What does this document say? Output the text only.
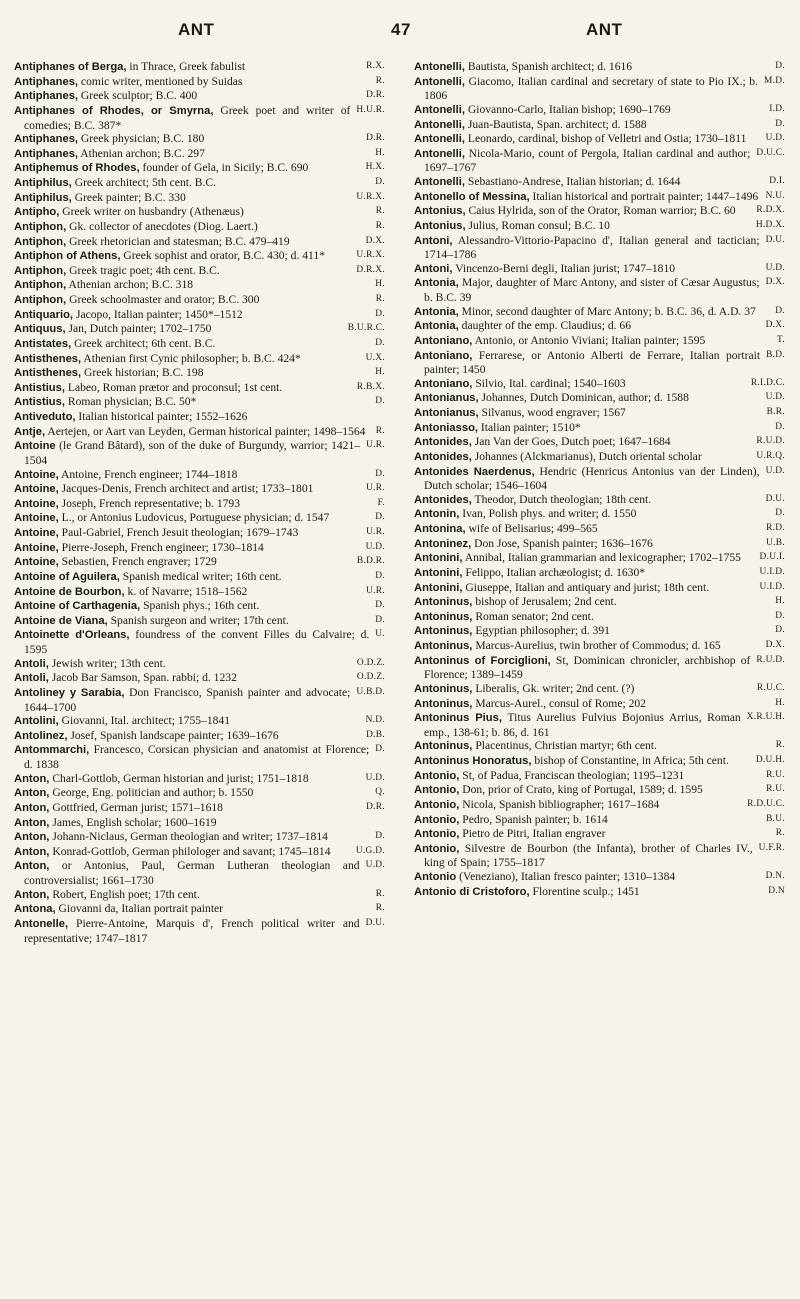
ANT	47	ANT

Antiphanes of Berga,	R.X.
in Thrace, Greek fabulist

Antiphanes,	R.
comic writer, mentioned by Suidas

Antiphanes,	D.R.
Greek sculptor; B.C. 400

Antiphanes of Rhodes, or Smyrna,	H.U.R.
Greek poet and writer of comedies; B.C. 387*

Antiphanes,	D.R.
Greek physician; B.C. 180

Antiphanes,	H.
Athenian archon; B.C. 297

Antiphemus of Rhodes,	H.X.
founder of Gela, in Sicily; B.C. 690

Antiphilus,	D.
Greek architect; 5th cent. B.C.

Antiphilus,	U.R.X.
Greek painter; B.C. 330

Antipho,	R.
Greek writer on husbandry (Athenæus)

Antiphon,	R.
Gk. collector of anecdotes (Diog. Laert.)

Antiphon,	D.X.
Greek rhetorician and statesman; B.C. 479–419

Antiphon of Athens,	U.R.X.
Greek sophist and orator, B.C. 430; d. 411*

Antiphon,	D.R.X.
Greek tragic poet; 4th cent. B.C.

Antiphon,	H.
Athenian archon; B.C. 318

Antiphon,	R.
Greek schoolmaster and orator; B.C. 300

Antiquario,	D.
Jacopo, Italian painter; 1450*–1512

Antiquus,	B.U.R.C.
Jan, Dutch painter; 1702–1750

Antistates,	D.
Greek architect; 6th cent. B.C.

Antisthenes,	U.X.
Athenian first Cynic philosopher; b. B.C. 424*

Antisthenes,	H.
Greek historian; B.C. 198

Antistius,	R.B.X.
Labeo, Roman prætor and proconsul; 1st cent.

Antistius,	D.
Roman physician; B.C. 50*

Antiveduto,
Italian historical painter; 1552–1626

Antje,	R.
Aertejen, or Aart van Leyden, German historical painter; 1498–1564

Antoine	U.R.
(le Grand Bâtard), son of the duke of Burgundy, warrior; 1421–1504

Antoine,	D.
Antoine, French engineer; 1744–1818

Antoine,	U.R.
Jacques-Denis, French architect and artist; 1733–1801

Antoine,	F.
Joseph, French representative; b. 1793

Antoine,	D.
L., or Antonius Ludovicus, Portuguese physician; d. 1547

Antoine,	U.R.
Paul-Gabriel, French Jesuit theologian; 1679–1743

Antoine,	U.D.
Pierre-Joseph, French engineer; 1730–1814

Antoine,	B.D.R.
Sebastien, French engraver; 1729

Antoine of Aguilera,	D.
Spanish medical writer; 16th cent.

Antoine de Bourbon,	U.R.
k. of Navarre; 1518–1562

Antoine of Carthagenia,	D.
Spanish phys.; 16th cent.

Antoine de Viana,	D.
Spanish surgeon and writer; 17th cent.

Antoinette d'Orleans,	U.
foundress of the convent Filles du Calvaire; d. 1595

Antoli,	O.D.Z.
Jewish writer; 13th cent.

Antoli,	O.D.Z.
Jacob Bar Samson, Span. rabbi; d. 1232

Antoliney y Sarabia,	U.B.D.
Don Francisco, Spanish painter and advocate; 1644–1700

Antolini,	N.D.
Giovanni, Ital. architect; 1755–1841

Antolinez,	D.B.
Josef, Spanish landscape painter; 1639–1676

Antommarchi,	D.
Francesco, Corsican physician and anatomist at Florence; d. 1838

Anton,	U.D.
Charl-Gottlob, German historian and jurist; 1751–1818

Anton,	Q.
George, Eng. politician and author; b. 1550

Anton,	D.R.
Gottfried, German jurist; 1571–1618

Anton,
James, English scholar; 1600–1619

Anton,	D.
Johann-Niclaus, German theologian and writer; 1737–1814

Anton,	U.G.D.
Konrad-Gottlob, German philologer and savant; 1745–1814

Anton,	U.D.
or Antonius, Paul, German Lutheran theologian and controversialist; 1661–1730

Anton,	R.
Robert, English poet; 17th cent.

Antona,	R.
Giovanni da, Italian portrait painter

Antonelle,	D.U.
Pierre-Antoine, Marquis d', French political writer and representative; 1747–1817

Antonelli,	D.
Bautista, Spanish architect; d. 1616

Antonelli,	M.D.
Giacomo, Italian cardinal and secretary of state to Pio IX.; b. 1806

Antonelli,	I.D.
Giovanno-Carlo, Italian bishop; 1690–1769

Antonelli,	D.
Juan-Bautista, Span. architect; d. 1588

Antonelli,	U.D.
Leonardo, cardinal, bishop of Velletri and Ostia; 1730–1811

Antonelli,	D.U.C.
Nicola-Mario, count of Pergola, Italian cardinal and author; 1697–1767

Antonelli,	D.I.
Sebastiano-Andrese, Italian historian; d. 1644

Antonello of Messina,	N.U.
Italian historical and portrait painter; 1447–1496

Antonius,	R.D.X.
Caius Hylrida, son of the Orator, Roman warrior; B.C. 60

Antonius,	H.D.X.
Julius, Roman consul; B.C. 10

Antoni,	D.U.
Alessandro-Vittorio-Papacino d', Italian general and tactician; 1714–1786

Antoni,	U.D.
Vincenzo-Berni degli, Italian jurist; 1747–1810

Antonia,	D.X.
Major, daughter of Marc Antony, and sister of Cæsar Augustus; b. B.C. 39

Antonia,	D.
Minor, second daughter of Marc Antony; b. B.C. 36, d. A.D. 37

Antonia,	D.X.
daughter of the emp. Claudius; d. 66

Antoniano,	T.
Antonio, or Antonio Viviani; Italian painter; 1595

Antoniano,	B.D.
Ferrarese, or Antonio Alberti de Ferrare, Italian portrait painter; 1450

Antoniano,	R.I.D.C.
Silvio, Ital. cardinal; 1540–1603

Antonianus,	U.D.
Johannes, Dutch Dominican, author; d. 1588

Antonianus,	B.R.
Silvanus, wood engraver; 1567

Antoniasso,	D.
Italian painter; 1510*

Antonides,	R.U.D.
Jan Van der Goes, Dutch poet; 1647–1684

Antonides,	U.R.Q.
Johannes (Alckmarianus), Dutch oriental scholar

Antonides Naerdenus,	U.D.
Hendric (Henricus Antonius van der Linden), Dutch scholar; 1546–1604

Antonides,	D.U.
Theodor, Dutch theologian; 18th cent.

Antonin,	D.
Ivan, Polish phys. and writer; d. 1550

Antonina,	R.D.
wife of Belisarius; 499–565

Antoninez,	U.B.
Don Jose, Spanish painter; 1636–1676

Antonini,	D.U.I.
Annibal, Italian grammarian and lexicographer; 1702–1755

Antonini,	U.I.D.
Felippo, Italian archæologist; d. 1630*

Antonini,	U.I.D.
Giuseppe, Italian and antiquary and jurist; 18th cent.

Antoninus,	H.
bishop of Jerusalem; 2nd cent.

Antoninus,	D.
Roman senator; 2nd cent.

Antoninus,	D.
Egyptian philosopher; d. 391

Antoninus,	D.X.
Marcus-Aurelius, twin brother of Commodus; d. 165

Antoninus of Forciglioni,	R.U.D.
St, Dominican chronicler, archbishop of Florence; 1389–1459

Antoninus,	R.U.C.
Liberalis, Gk. writer; 2nd cent. (?)

Antoninus,	H.
Marcus-Aurel., consul of Rome; 202

Antoninus Pius,	X.R.U.H.
Titus Aurelius Fulvius Bojonius Arrius, Roman emp., 138-61; b. 86, d. 161

Antoninus,	R.
Placentinus, Christian martyr; 6th cent.

Antoninus Honoratus,	D.U.H.
bishop of Constantine, in Africa; 5th cent.

Antonio,	R.U.
St, of Padua, Franciscan theologian; 1195–1231

Antonio,	R.U.
Don, prior of Crato, king of Portugal, 1589; d. 1595

Antonio,	R.D.U.C.
Nicola, Spanish bibliographer; 1617–1684

Antonio,	B.U.
Pedro, Spanish painter; b. 1614

Antonio,	R.
Pietro de Pitri, Italian engraver

Antonio,	U.F.R.
Silvestre de Bourbon (the Infanta), brother of Charles IV., king of Spain; 1755–1817

Antonio	D.N.
(Veneziano), Italian fresco painter; 1310–1384

Antonio di Cristoforo,	D.N
Florentine sculp.; 1451
